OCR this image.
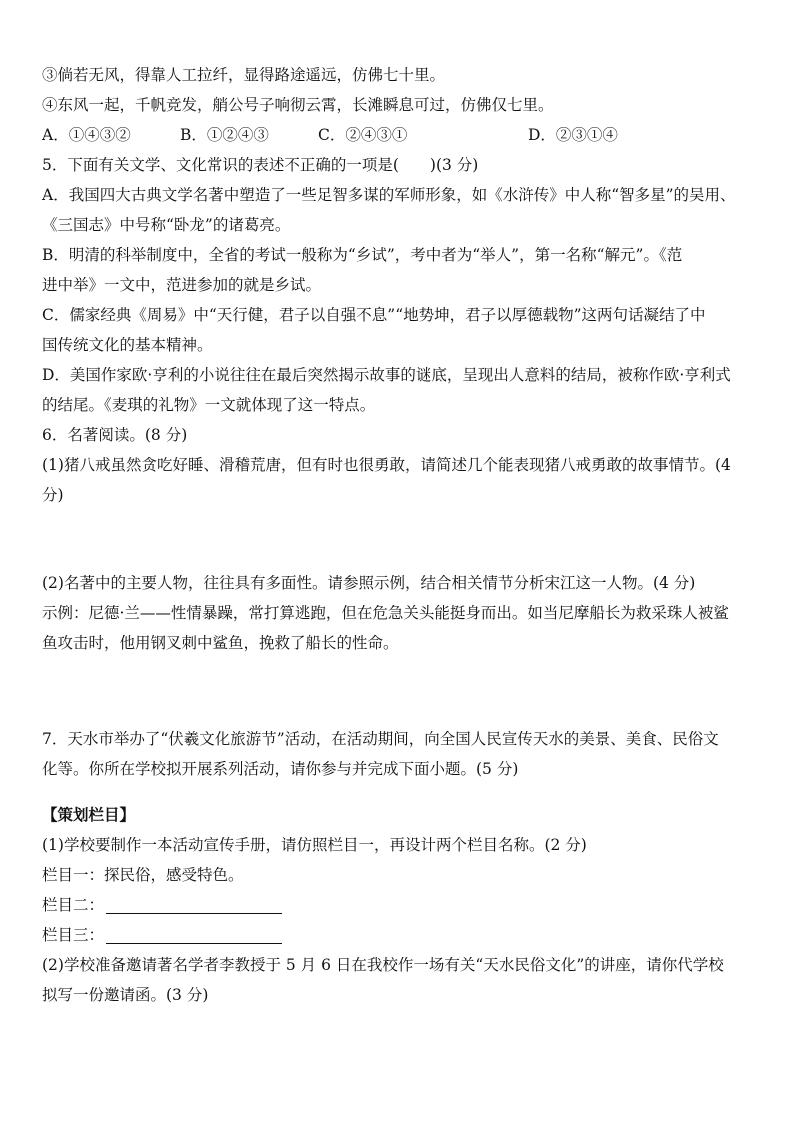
③倘若无风，得靠人工拉纤，显得路途遥远，仿佛七十里。
④东风一起，千帆竞发，艄公号子响彻云霄，长滩瞬息可过，仿佛仅七里。
A．①④③②	B．①②④③	C．②④③①	D．②③①④
5．下面有关文学、文化常识的表述不正确的一项是(　　)(3 分)
A．我国四大古典文学名著中塑造了一些足智多谋的军师形象，如《水浒传》中人称“智多星”的吴用、
《三国志》中号称“卧龙”的诸葛亮。
B．明清的科举制度中，全省的考试一般称为“乡试”，考中者为“举人”，第一名称“解元”。《范
进中举》一文中，范进参加的就是乡试。
C．儒家经典《周易》中“天行健，君子以自强不息”“地势坤，君子以厚德载物”这两句话凝结了中
国传统文化的基本精神。
D．美国作家欧·亨利的小说往往在最后突然揭示故事的谜底，呈现出人意料的结局，被称作欧·亨利式
的结尾。《麦琪的礼物》一文就体现了这一特点。
6．名著阅读。(8 分)
(1)猪八戒虽然贪吃好睡、滑稽荒唐，但有时也很勇敢，请简述几个能表现猪八戒勇敢的故事情节。(4
分)
(2)名著中的主要人物，往往具有多面性。请参照示例，结合相关情节分析宋江这一人物。(4 分)
示例：尼德·兰——性情暴躁，常打算逃跑，但在危急关头能挺身而出。如当尼摩船长为救采珠人被鲨
鱼攻击时，他用钢叉刺中鲨鱼，挽救了船长的性命。
7．天水市举办了“伏羲文化旅游节”活动，在活动期间，向全国人民宣传天水的美景、美食、民俗文
化等。你所在学校拟开展系列活动，请你参与并完成下面小题。(5 分)
【策划栏目】
(1)学校要制作一本活动宣传手册，请仿照栏目一，再设计两个栏目名称。(2 分)
栏目一：探民俗，感受特色。
栏目二：
栏目三：
(2)学校准备邀请著名学者李教授于 5 月 6 日在我校作一场有关“天水民俗文化”的讲座，请你代学校
拟写一份邀请函。(3 分)
